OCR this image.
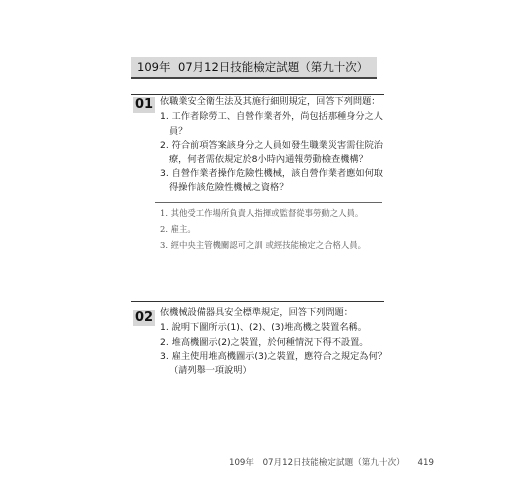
109年 07月12日技能檢定試題（第九十次）
01 依職業安全衛生法及其施行細則規定，回答下列問題：
1. 工作者除勞工、自營作業者外，尚包括那種身分之人
員？
2. 符合前項答案該身分之人員如發生職業災害需住院治
療，何者需依規定於8小時內通報勞動檢查機構？
3. 自營作業者操作危險性機械，該自營作業者應如何取
得操作該危險性機械之資格？
1. 其他受工作場所負責人指揮或監督從事勞動之人員。
2. 雇主。
3. 經中央主管機關認可之訓 或經技能檢定之合格人員。
02 依機械設備器具安全標準規定，回答下列問題：
1. 說明下圖所示(1)、(2)、(3)堆高機之裝置名稱。
2. 堆高機圖示(2)之裝置，於何種情況下得不設置。
3. 雇主使用堆高機圖示(3)之裝置，應符合之規定為何？
（請列舉一項說明）
109年　07月12日技能檢定試題（第九十次） 419
